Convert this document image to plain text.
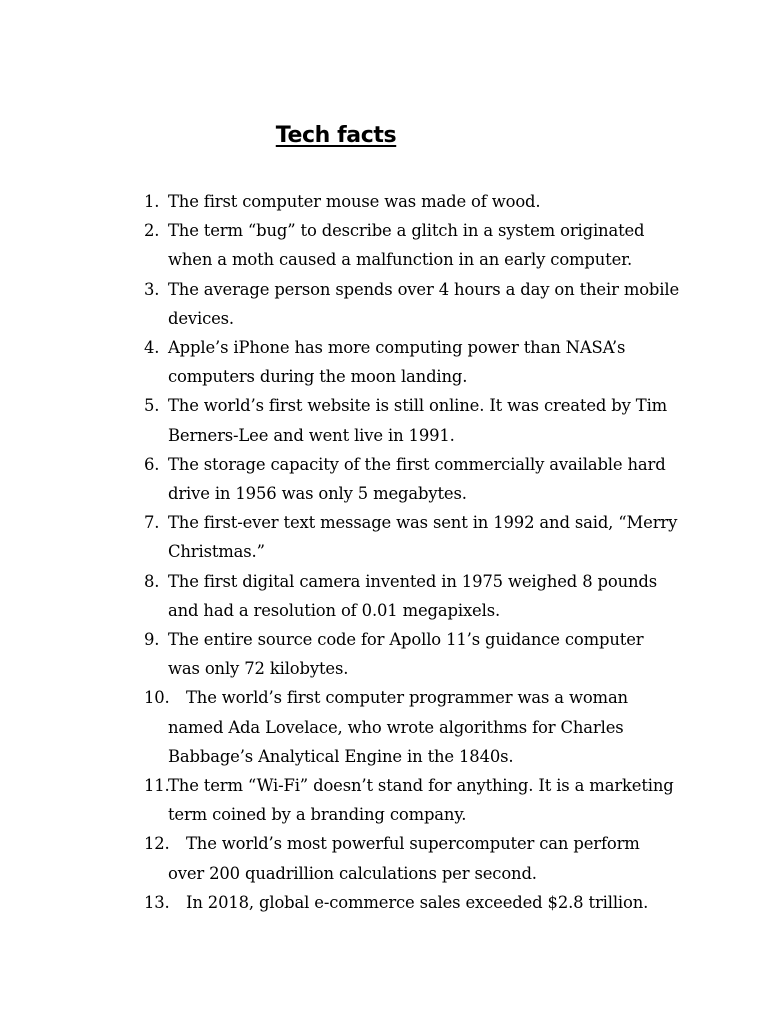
Tech facts
1. The first computer mouse was made of wood.
2. The term “bug” to describe a glitch in a system originated when a moth caused a malfunction in an early computer.
3. The average person spends over 4 hours a day on their mobile devices.
4. Apple’s iPhone has more computing power than NASA’s computers during the moon landing.
5. The world’s first website is still online. It was created by Tim Berners-Lee and went live in 1991.
6. The storage capacity of the first commercially available hard drive in 1956 was only 5 megabytes.
7. The first-ever text message was sent in 1992 and said, “Merry Christmas.”
8. The first digital camera invented in 1975 weighed 8 pounds and had a resolution of 0.01 megapixels.
9. The entire source code for Apollo 11’s guidance computer was only 72 kilobytes.
10. The world’s first computer programmer was a woman named Ada Lovelace, who wrote algorithms for Charles Babbage’s Analytical Engine in the 1840s.
11.
The term “Wi-Fi” doesn’t stand for anything. It is a marketing term coined by a branding company.
12. The world’s most powerful supercomputer can perform over 200 quadrillion calculations per second.
13. In 2018, global e-commerce sales exceeded $2.8 trillion.
